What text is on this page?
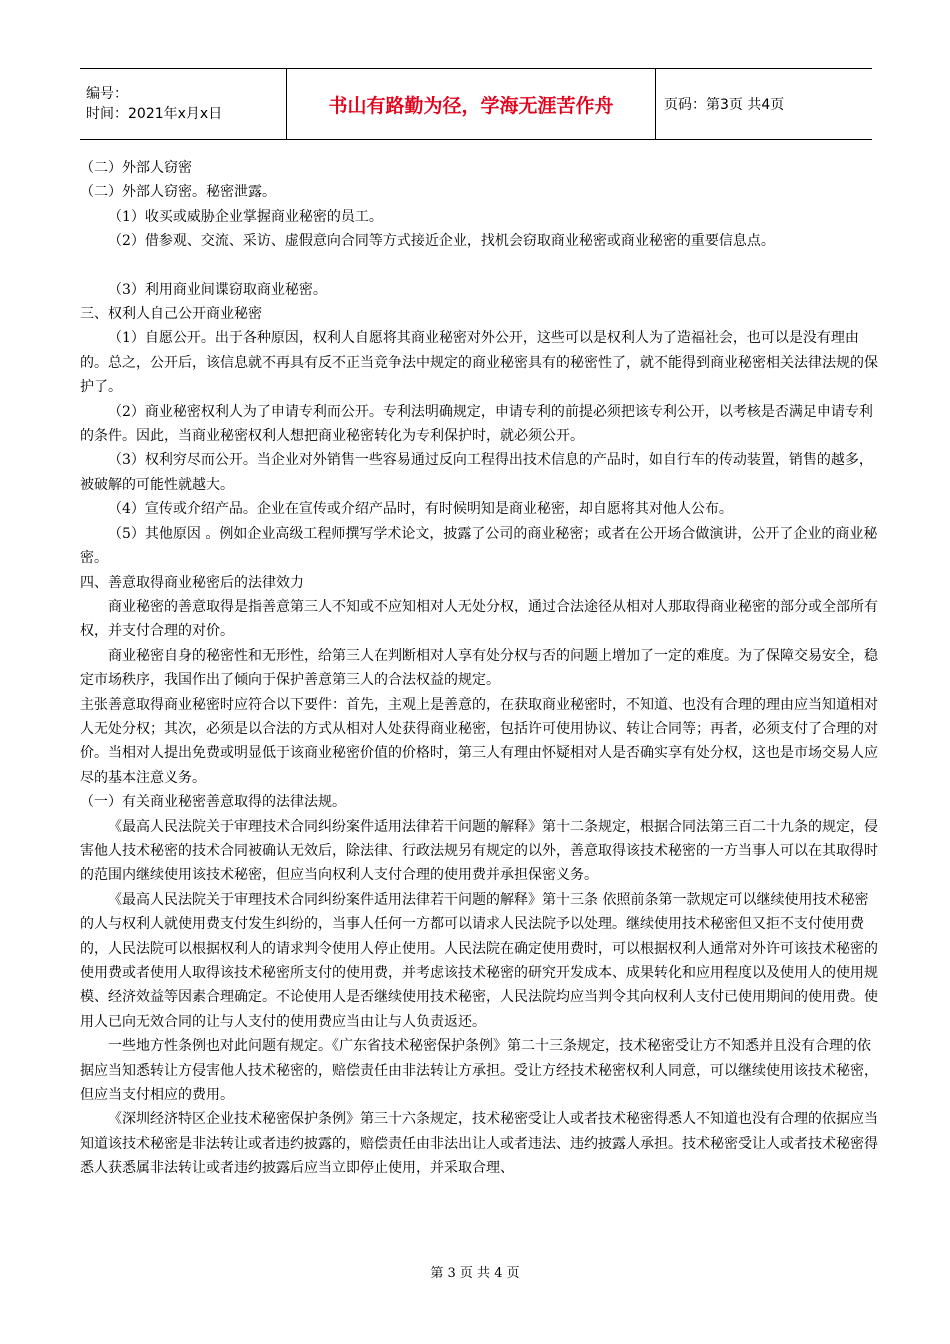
编号：
时间：2021年x月x日	书山有路勤为径，学海无涯苦作舟	页码：第3页 共4页

（二）外部人窃密

（二）外部人窃密。秘密泄露。

（1）收买或威胁企业掌握商业秘密的员工。

（2）借参观、交流、采访、虚假意向合同等方式接近企业，找机会窃取商业秘密或商业秘密的重要信息点。

（3）利用商业间谍窃取商业秘密。

三、权利人自己公开商业秘密

（1）自愿公开。出于各种原因，权利人自愿将其商业秘密对外公开，这些可以是权利人为了造福社会，也可以是没有理由的。总之，公开后，该信息就不再具有反不正当竞争法中规定的商业秘密具有的秘密性了，就不能得到商业秘密相关法律法规的保护了。

（2）商业秘密权利人为了申请专利而公开。专利法明确规定，申请专利的前提必须把该专利公开，以考核是否满足申请专利的条件。因此，当商业秘密权利人想把商业秘密转化为专利保护时，就必须公开。

（3）权利穷尽而公开。当企业对外销售一些容易通过反向工程得出技术信息的产品时，如自行车的传动装置，销售的越多，被破解的可能性就越大。

（4）宣传或介绍产品。企业在宣传或介绍产品时，有时候明知是商业秘密，却自愿将其对他人公布。

（5）其他原因 。例如企业高级工程师撰写学术论文，披露了公司的商业秘密；或者在公开场合做演讲，公开了企业的商业秘密。

四、善意取得商业秘密后的法律效力

商业秘密的善意取得是指善意第三人不知或不应知相对人无处分权，通过合法途径从相对人那取得商业秘密的部分或全部所有权，并支付合理的对价。

商业秘密自身的秘密性和无形性，给第三人在判断相对人享有处分权与否的问题上增加了一定的难度。为了保障交易安全，稳定市场秩序，我国作出了倾向于保护善意第三人的合法权益的规定。

主张善意取得商业秘密时应符合以下要件：首先，主观上是善意的，在获取商业秘密时，不知道、也没有合理的理由应当知道相对人无处分权；其次，必须是以合法的方式从相对人处获得商业秘密，包括许可使用协议、转让合同等；再者，必须支付了合理的对价。当相对人提出免费或明显低于该商业秘密价值的价格时，第三人有理由怀疑相对人是否确实享有处分权，这也是市场交易人应尽的基本注意义务。

（一）有关商业秘密善意取得的法律法规。

《最高人民法院关于审理技术合同纠纷案件适用法律若干问题的解释》第十二条规定，根据合同法第三百二十九条的规定，侵害他人技术秘密的技术合同被确认无效后，除法律、行政法规另有规定的以外，善意取得该技术秘密的一方当事人可以在其取得时的范围内继续使用该技术秘密，但应当向权利人支付合理的使用费并承担保密义务。

《最高人民法院关于审理技术合同纠纷案件适用法律若干问题的解释》第十三条 依照前条第一款规定可以继续使用技术秘密的人与权利人就使用费支付发生纠纷的，当事人任何一方都可以请求人民法院予以处理。继续使用技术秘密但又拒不支付使用费的，人民法院可以根据权利人的请求判令使用人停止使用。人民法院在确定使用费时，可以根据权利人通常对外许可该技术秘密的使用费或者使用人取得该技术秘密所支付的使用费，并考虑该技术秘密的研究开发成本、成果转化和应用程度以及使用人的使用规模、经济效益等因素合理确定。不论使用人是否继续使用技术秘密，人民法院均应当判令其向权利人支付已使用期间的使用费。使用人已向无效合同的让与人支付的使用费应当由让与人负责返还。

一些地方性条例也对此问题有规定。《广东省技术秘密保护条例》第二十三条规定，技术秘密受让方不知悉并且没有合理的依据应当知悉转让方侵害他人技术秘密的，赔偿责任由非法转让方承担。受让方经技术秘密权利人同意，可以继续使用该技术秘密，但应当支付相应的费用。

《深圳经济特区企业技术秘密保护条例》第三十六条规定，技术秘密受让人或者技术秘密得悉人不知道也没有合理的依据应当知道该技术秘密是非法转让或者违约披露的，赔偿责任由非法出让人或者违法、违约披露人承担。技术秘密受让人或者技术秘密得悉人获悉属非法转让或者违约披露后应当立即停止使用，并采取合理、

第 3 页 共 4 页
